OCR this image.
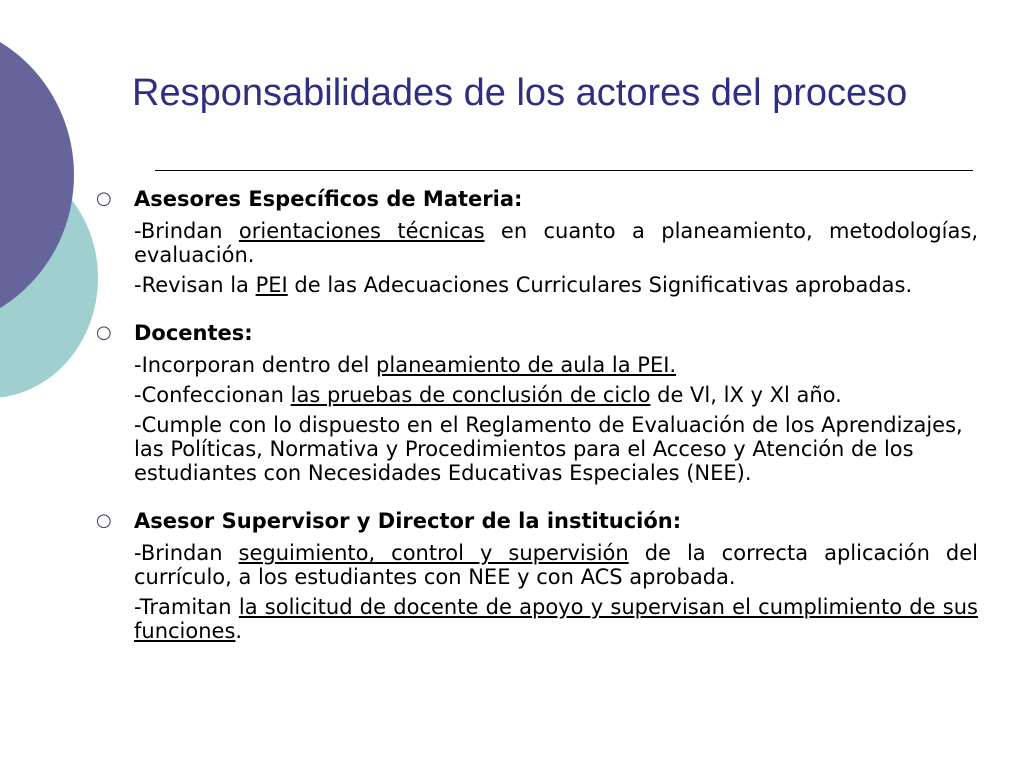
Responsabilidades de los actores del proceso
○ Asesores Específicos de Materia:
-Brindan orientaciones técnicas en cuanto a planeamiento, metodologías, evaluación.
-Revisan la PEI de las Adecuaciones Curriculares Significativas aprobadas.
○ Docentes:
-Incorporan dentro del planeamiento de aula la PEI.
-Confeccionan las pruebas de conclusión de ciclo de Vl, lX y Xl año.
-Cumple con lo dispuesto en el Reglamento de Evaluación de los Aprendizajes, las Políticas, Normativa y Procedimientos para el Acceso y Atención de los estudiantes con Necesidades Educativas Especiales (NEE).
○ Asesor Supervisor y Director de la institución:
-Brindan seguimiento, control y supervisión de la correcta aplicación del currículo, a los estudiantes con NEE y con ACS aprobada.
-Tramitan la solicitud de docente de apoyo y supervisan el cumplimiento de sus funciones.
